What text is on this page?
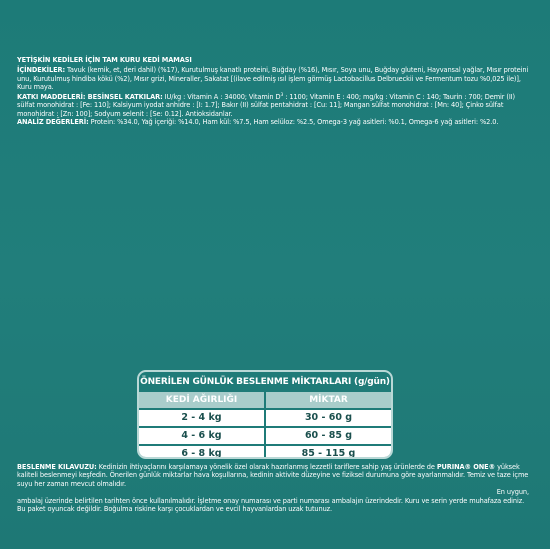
YETİŞKİN KEDİLER İÇİN TAM KURU KEDİ MAMASI
İÇİNDEKİLER: Tavuk (kemik, et, deri dahil) (%17), Kurutulmuş kanatlı proteini, Buğday (%16), Mısır, Soya unu, Buğday gluteni, Hayvansal yağlar, Mısır proteini unu, Kurutulmuş hindiba kökü (%2), Mısır grizi, Mineraller, Sakatat [(ilave edilmiş ısıl işlem görmüş Lactobacillus Delbrueckii ve Fermentum tozu %0,025 ile)], Kuru maya.
KATKI MADDELERİ: BESİNSEL KATKILAR: IU/kg : Vitamin A : 34000; Vitamin $D^3$ : 1100; Vitamin E : 400; mg/kg : Vitamin C : 140; Taurin : 700; Demir (II) sülfat monohidrat : [Fe: 110]; Kalsiyum iyodat anhidre : [I: 1.7]; Bakır (II) sülfat pentahidrat : [Cu: 11]; Mangan sülfat monohidrat : [Mn: 40]; Çinko sülfat monohidrat : [Zn: 100]; Sodyum selenit : [Se: 0.12]. Antioksidanlar.
ANALİZ DEĞERLERİ: Protein: %34.0, Yağ içeriği: %14.0, Ham kül: %7.5, Ham selüloz: %2.5, Omega-3 yağ asitleri: %0.1, Omega-6 yağ asitleri: %2.0.
ÖNERİLEN GÜNLÜK BESLENME MİKTARLARI (g/gün)
KEDİ AĞIRLIĞI	MİKTAR
2 - 4 kg	30 - 60 g
4 - 6 kg	60 - 85 g
6 - 8 kg	85 - 115 g
BESLENME KILAVUZU: Kedinizin ihtiyaçlarını karşılamaya yönelik özel olarak hazırlanmış lezzetli tariflere sahip yaş ürünlerde de PURINA® ONE® yüksek kaliteli beslenmeyi keşfedin. Önerilen günlük miktarlar hava koşullarına, kedinin aktivite düzeyine ve fiziksel durumuna göre ayarlanmalıdır. Temiz ve taze içme suyu her zaman mevcut olmalıdır.
En uygun,
ambalaj üzerinde belirtilen tarihten önce kullanılmalıdır. İşletme onay numarası ve parti numarası ambalajın üzerindedir. Kuru ve serin yerde muhafaza ediniz. Bu paket oyuncak değildir. Boğulma riskine karşı çocuklardan ve evcil hayvanlardan uzak tutunuz.
